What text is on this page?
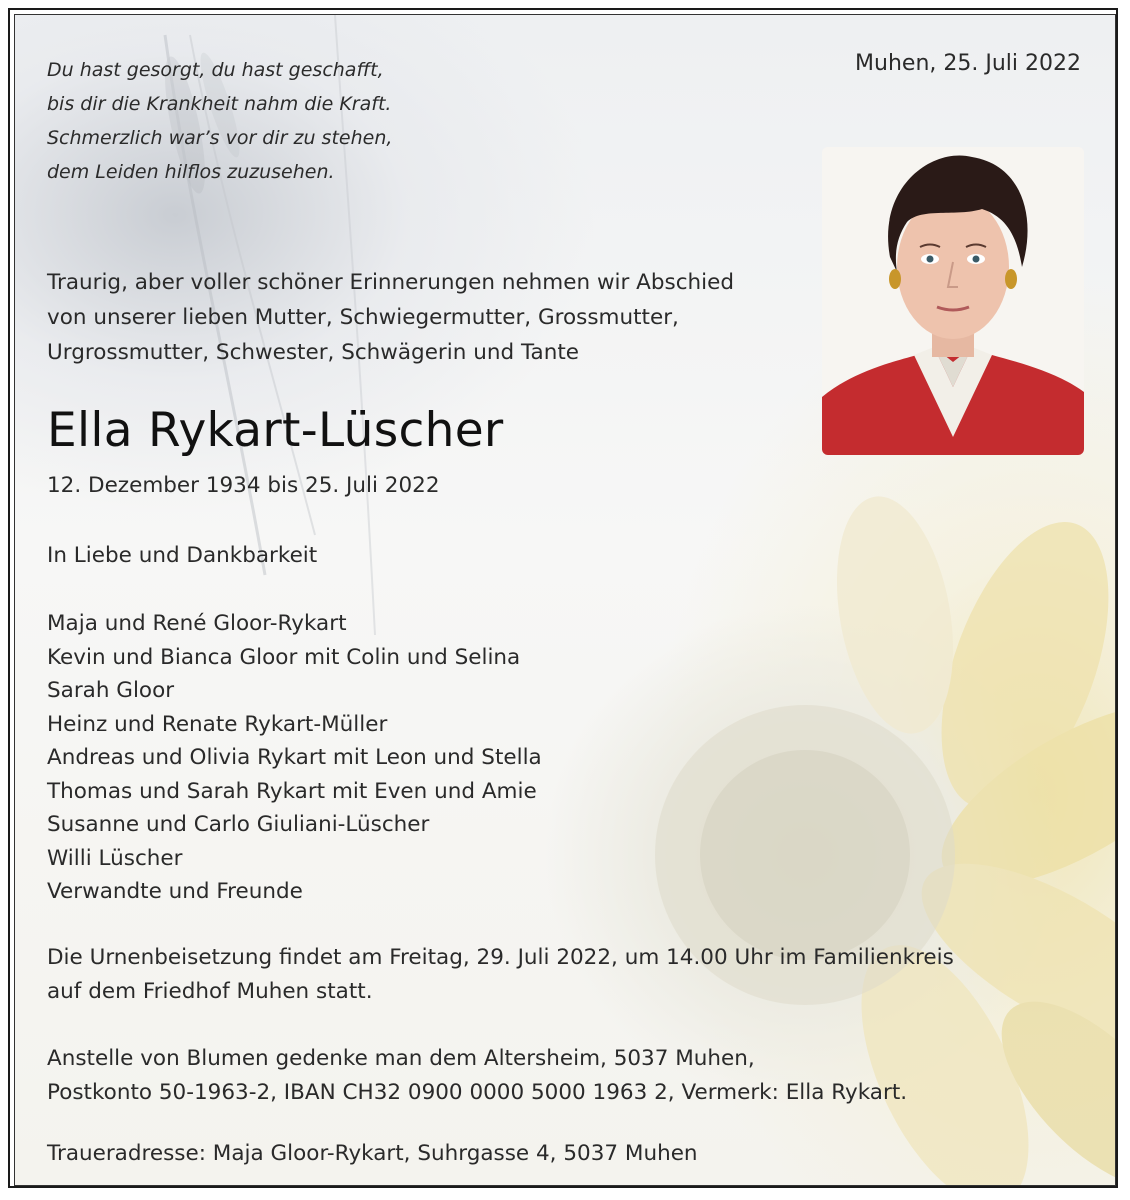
Du hast gesorgt, du hast geschafft,
bis dir die Krankheit nahm die Kraft.
Schmerzlich war’s vor dir zu stehen,
dem Leiden hilflos zuzusehen.
Muhen, 25. Juli 2022
Traurig, aber voller schöner Erinnerungen nehmen wir Abschied
von unserer lieben Mutter, Schwiegermutter, Grossmutter,
Urgrossmutter, Schwester, Schwägerin und Tante
Ella Rykart-Lüscher
12. Dezember 1934 bis 25. Juli 2022
In Liebe und Dankbarkeit
Maja und René Gloor-Rykart
Kevin und Bianca Gloor mit Colin und Selina
Sarah Gloor
Heinz und Renate Rykart-Müller
Andreas und Olivia Rykart mit Leon und Stella
Thomas und Sarah Rykart mit Even und Amie
Susanne und Carlo Giuliani-Lüscher
Willi Lüscher
Verwandte und Freunde
Die Urnenbeisetzung findet am Freitag, 29. Juli 2022, um 14.00 Uhr im Familienkreis
auf dem Friedhof Muhen statt.
Anstelle von Blumen gedenke man dem Altersheim, 5037 Muhen,
Postkonto 50-1963-2, IBAN CH32 0900 0000 5000 1963 2, Vermerk: Ella Rykart.
Traueradresse: Maja Gloor-Rykart, Suhrgasse 4, 5037 Muhen
